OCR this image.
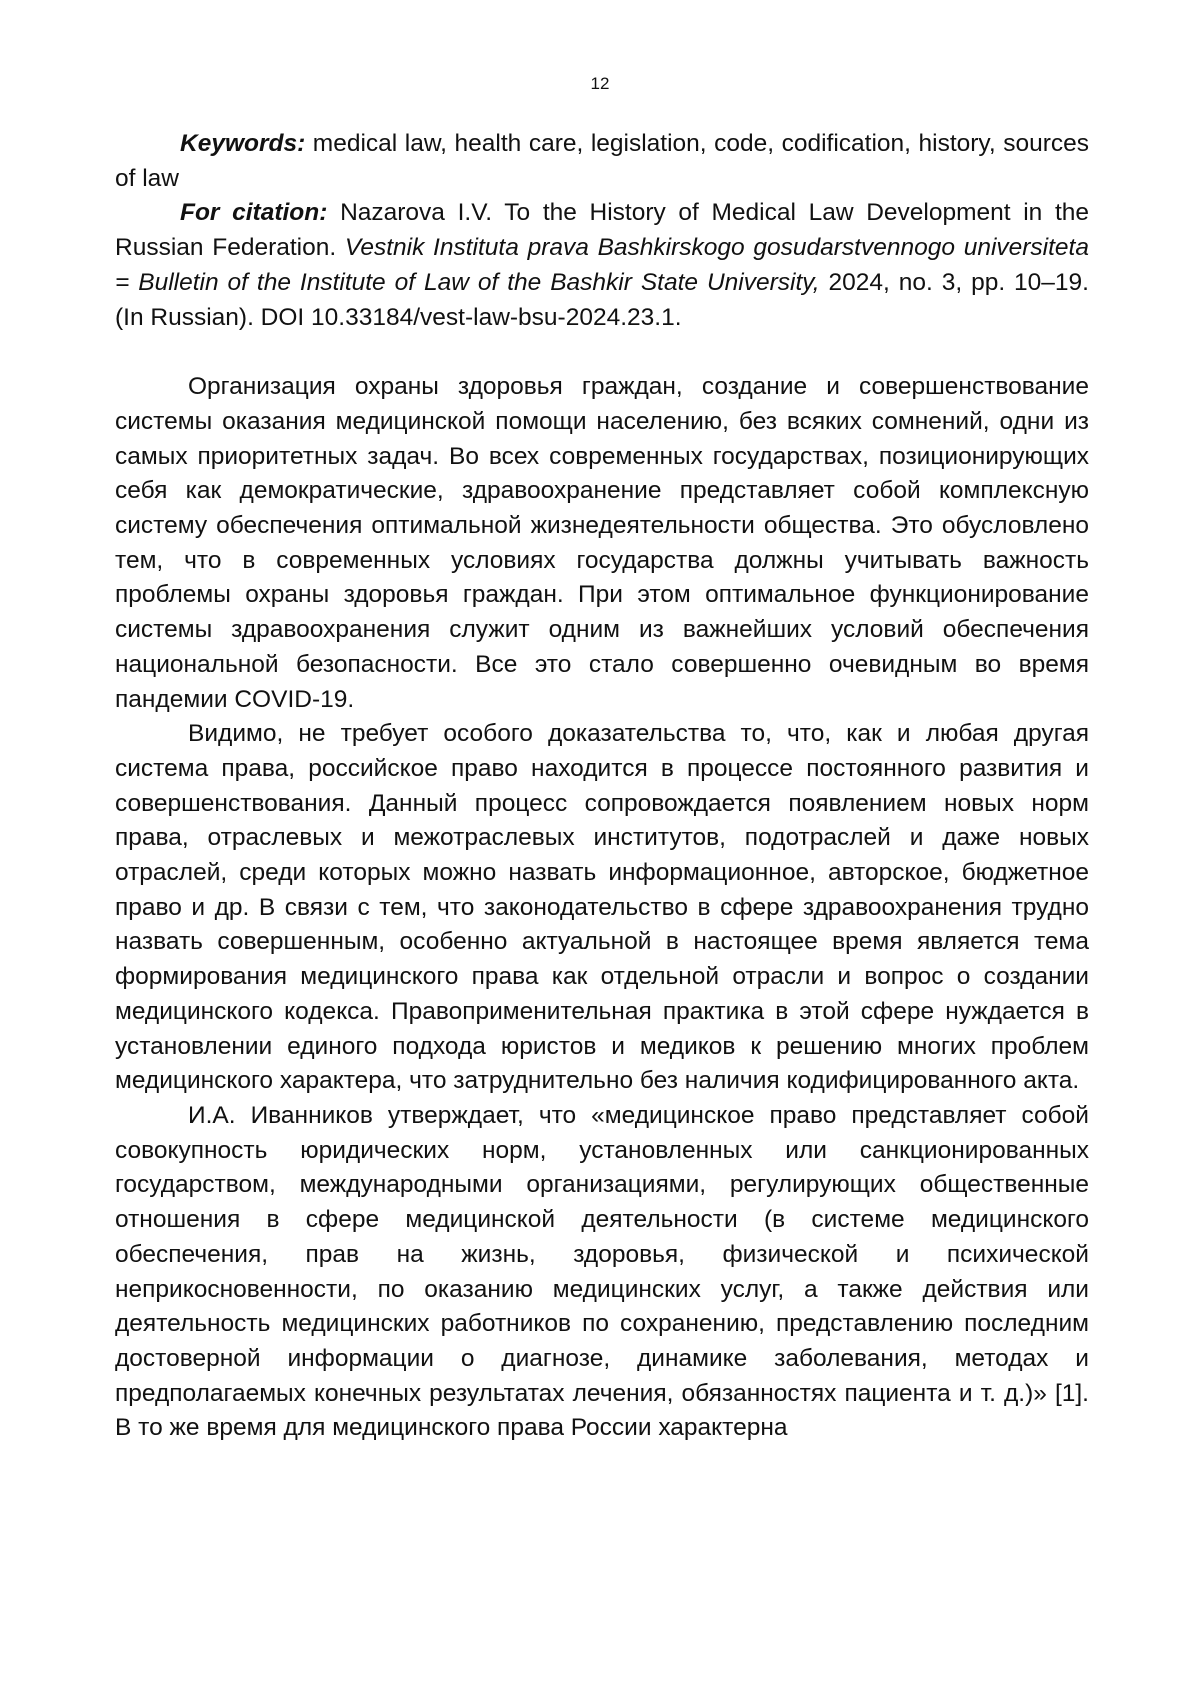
12

Keywords: medical law, health care, legislation, code, codification, history, sources of law

For citation: Nazarova I.V. To the History of Medical Law Development in the Russian Federation. Vestnik Instituta prava Bashkirskogo gosudarstvennogo universiteta = Bulletin of the Institute of Law of the Bashkir State University, 2024, no. 3, pp. 10–19. (In Russian). DOI 10.33184/vest-law-bsu-2024.23.1.

Организация охраны здоровья граждан, создание и совершенствование системы оказания медицинской помощи населению, без всяких сомнений, одни из самых приоритетных задач. Во всех современных государствах, позиционирующих себя как демократические, здравоохранение представляет собой комплексную систему обеспечения оптимальной жизнедеятельности общества. Это обусловлено тем, что в современных условиях государства должны учитывать важность проблемы охраны здоровья граждан. При этом оптимальное функционирование системы здравоохранения служит одним из важнейших условий обеспечения национальной безопасности. Все это стало совершенно очевидным во время пандемии COVID-19.

Видимо, не требует особого доказательства то, что, как и любая другая система права, российское право находится в процессе постоянного развития и совершенствования. Данный процесс сопровождается появлением новых норм права, отраслевых и межотраслевых институтов, подотраслей и даже новых отраслей, среди которых можно назвать информационное, авторское, бюджетное право и др. В связи с тем, что законодательство в сфере здравоохранения трудно назвать совершенным, особенно актуальной в настоящее время является тема формирования медицинского права как отдельной отрасли и вопрос о создании медицинского кодекса. Правоприменительная практика в этой сфере нуждается в установлении единого подхода юристов и медиков к решению многих проблем медицинского характера, что затруднительно без наличия кодифицированного акта.

И.А. Иванников утверждает, что «медицинское право представляет собой совокупность юридических норм, установленных или санкционированных государством, международными организациями, регулирующих общественные отношения в сфере медицинской деятельности (в системе медицинского обеспечения, прав на жизнь, здоровья, физической и психической неприкосновенности, по оказанию медицинских услуг, а также действия или деятельность медицинских работников по сохранению, представлению последним достоверной информации о диагнозе, динамике заболевания, методах и предполагаемых конечных результатах лечения, обязанностях пациента и т. д.)» [1]. В то же время для медицинского права России характерна
